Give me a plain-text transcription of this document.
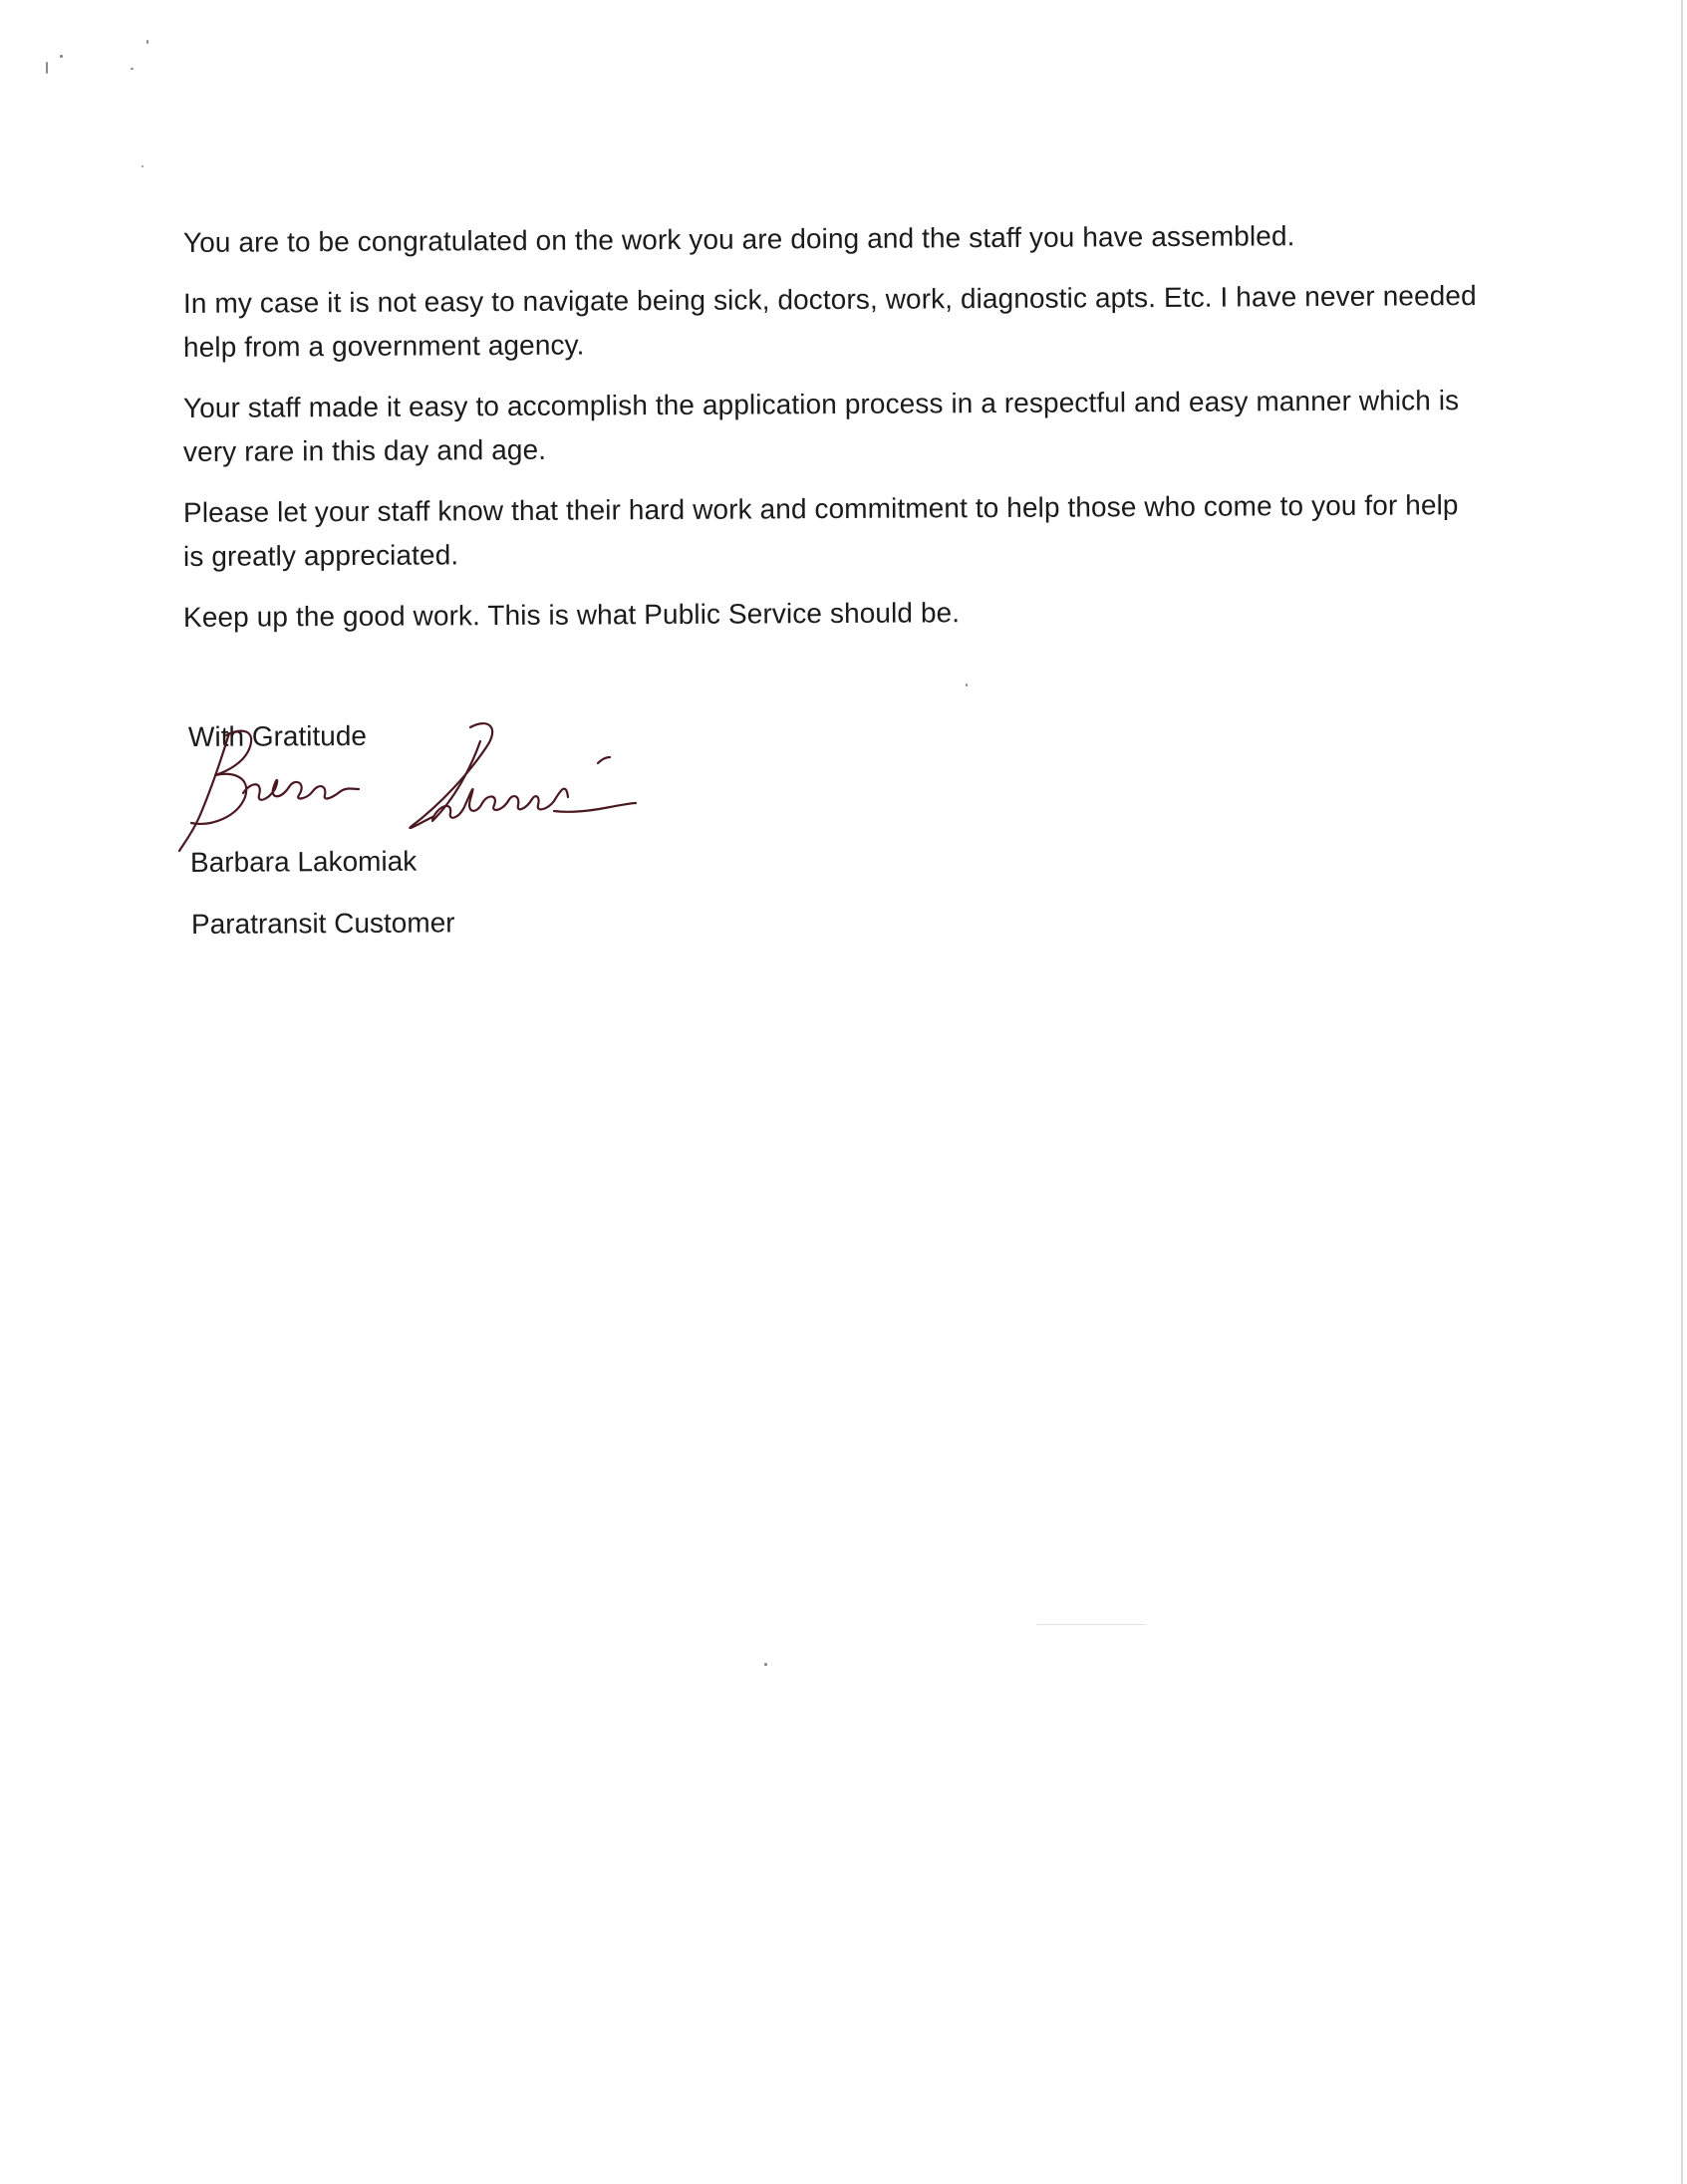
You are to be congratulated on the work you are doing and the staff you have assembled.

In my case it is not easy to navigate being sick, doctors, work, diagnostic apts. Etc. I have never needed

help from a government agency.

Your staff made it easy to accomplish the application process in a respectful and easy manner which is

very rare in this day and age.

Please let your staff know that their hard work and commitment to help those who come to you for help

is greatly appreciated.

Keep up the good work. This is what Public Service should be.

With Gratitude
Barbara Lakomiak
Paratransit Customer
